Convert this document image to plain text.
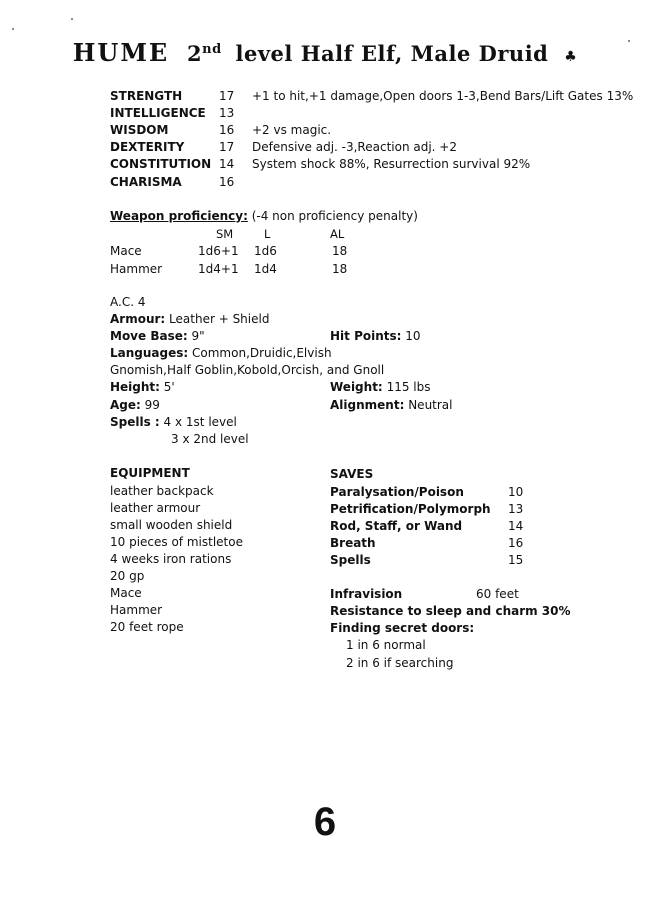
HUME 2nd level Half Elf, Male Druid ♣
STRENGTH	17 +1 to hit,+1 damage,Open doors 1-3,Bend Bars/Lift Gates 13%
INTELLIGENCE 13
WISDOM	16 +2 vs magic.
DEXTERITY	17 Defensive adj. -3,Reaction adj. +2
CONSTITUTION 14 System shock 88%, Resurrection survival 92%
CHARISMA	16
Weapon proficiency: (-4 non proficiency penalty)
SM	L	AL
Mace	1d6+1 1d6	18
Hammer	1d4+1 1d4	18
A.C. 4
Armour: Leather + Shield
Move Base: 9"	Hit Points: 10
Languages: Common,Druidic,Elvish
Gnomish,Half Goblin,Kobold,Orcish, and Gnoll
Height: 5'	Weight: 115 lbs
Age: 99	Alignment: Neutral
Spells : 4 x 1st level
3 x 2nd level
EQUIPMENT
leather backpack
leather armour
small wooden shield
10 pieces of mistletoe
4 weeks iron rations
20 gp
Mace
Hammer
20 feet rope
SAVES
Paralysation/Poison	10
Petrification/Polymorph 13
Rod, Staff, or Wand	14
Breath	16
Spells	15
Infravision	60 feet
Resistance to sleep and charm 30%
Finding secret doors:
1 in 6 normal
2 in 6 if searching
6
